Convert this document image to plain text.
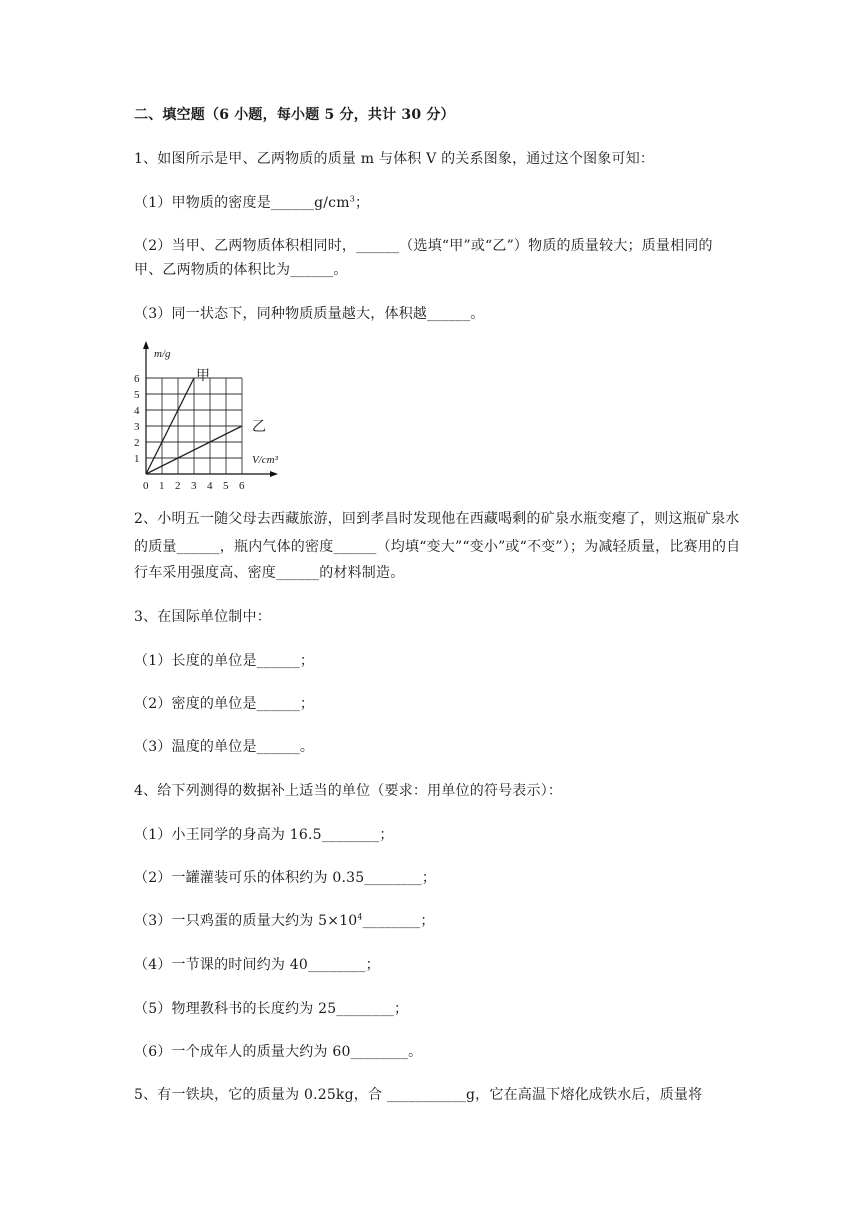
二、填空题（6 小题，每小题 5 分，共计 30 分）
1、如图所示是甲、乙两物质的质量 m 与体积 V 的关系图象，通过这个图象可知：
（1）甲物质的密度是$\_\_\_\_\_\_g/cm^3$；
（2）当甲、乙两物质体积相同时，______（选填“甲”或“乙”）物质的质量较大；质量相同的
甲、乙两物质的体积比为______。
（3）同一状态下，同种物质质量越大，体积越______。
甲
乙
1
2
3
4
5
6
0 1 2 3 4 5 6
m/g
V/cm³
2、小明五一随父母去西藏旅游，回到孝昌时发现他在西藏喝剩的矿泉水瓶变瘪了，则这瓶矿泉水
的质量______，瓶内气体的密度______（均填“变大”“变小”或“不变”）；为减轻质量，比赛用的自
行车采用强度高、密度______的材料制造。
3、在国际单位制中：
（1）长度的单位是______；
（2）密度的单位是______；
（3）温度的单位是______。
4、给下列测得的数据补上适当的单位（要求：用单位的符号表示）：
（1）小王同学的身高为 16.5________；
（2）一罐灌装可乐的体积约为 0.35________；
（3）一只鸡蛋的质量大约为 $5\times 10^4\_\_\_\_\_\_\_\_$；
（4）一节课的时间约为 40________；
（5）物理教科书的长度约为 25________；
（6）一个成年人的质量大约为 60________。
5、有一铁块，它的质量为 0.25kg，合 ___________g，它在高温下熔化成铁水后，质量将
